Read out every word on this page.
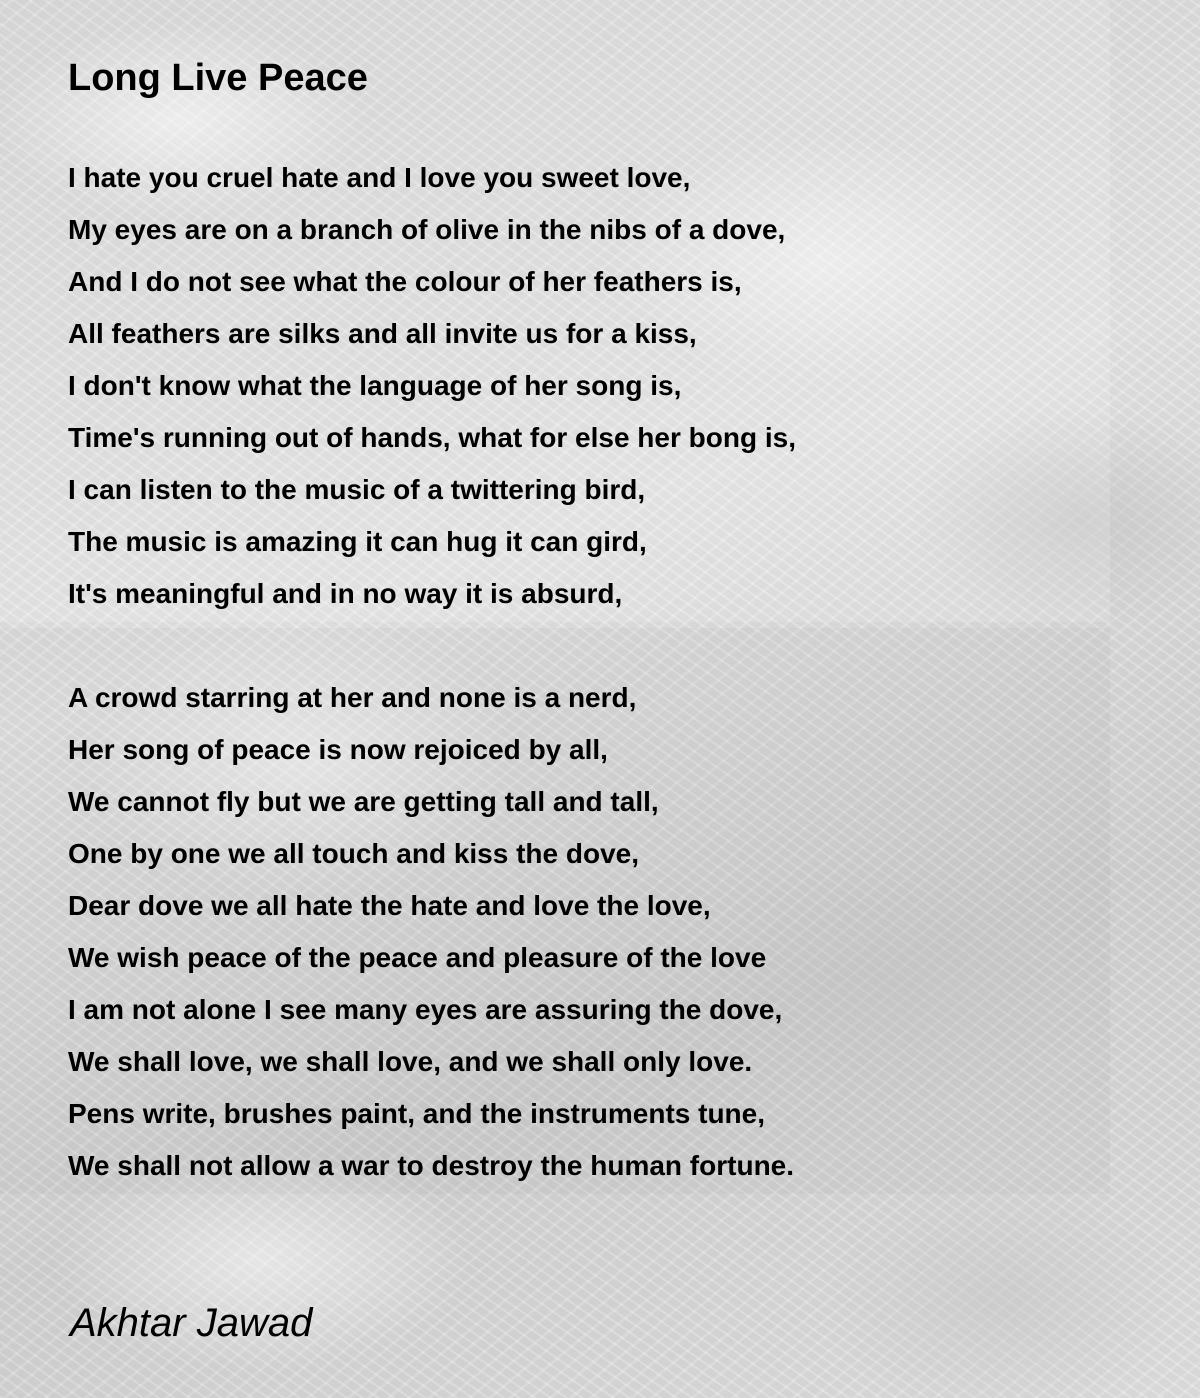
Long Live Peace
I hate you cruel hate and I love you sweet love,
My eyes are on a branch of olive in the nibs of a dove,
And I do not see what the colour of her feathers is,
All feathers are silks and all invite us for a kiss,
I don't know what the language of her song is,
Time's running out of hands, what for else her bong is,
I can listen to the music of a twittering bird,
The music is amazing it can hug it can gird,
It's meaningful and in no way it is absurd,
A crowd starring at her and none is a nerd,
Her song of peace is now rejoiced by all,
We cannot fly but we are getting tall and tall,
One by one we all touch and kiss the dove,
Dear dove we all hate the hate and love the love,
We wish peace of the peace and pleasure of the love
I am not alone I see many eyes are assuring the dove,
We shall love, we shall love, and we shall only love.
Pens write, brushes paint, and the instruments tune,
We shall not allow a war to destroy the human fortune.

Akhtar Jawad
